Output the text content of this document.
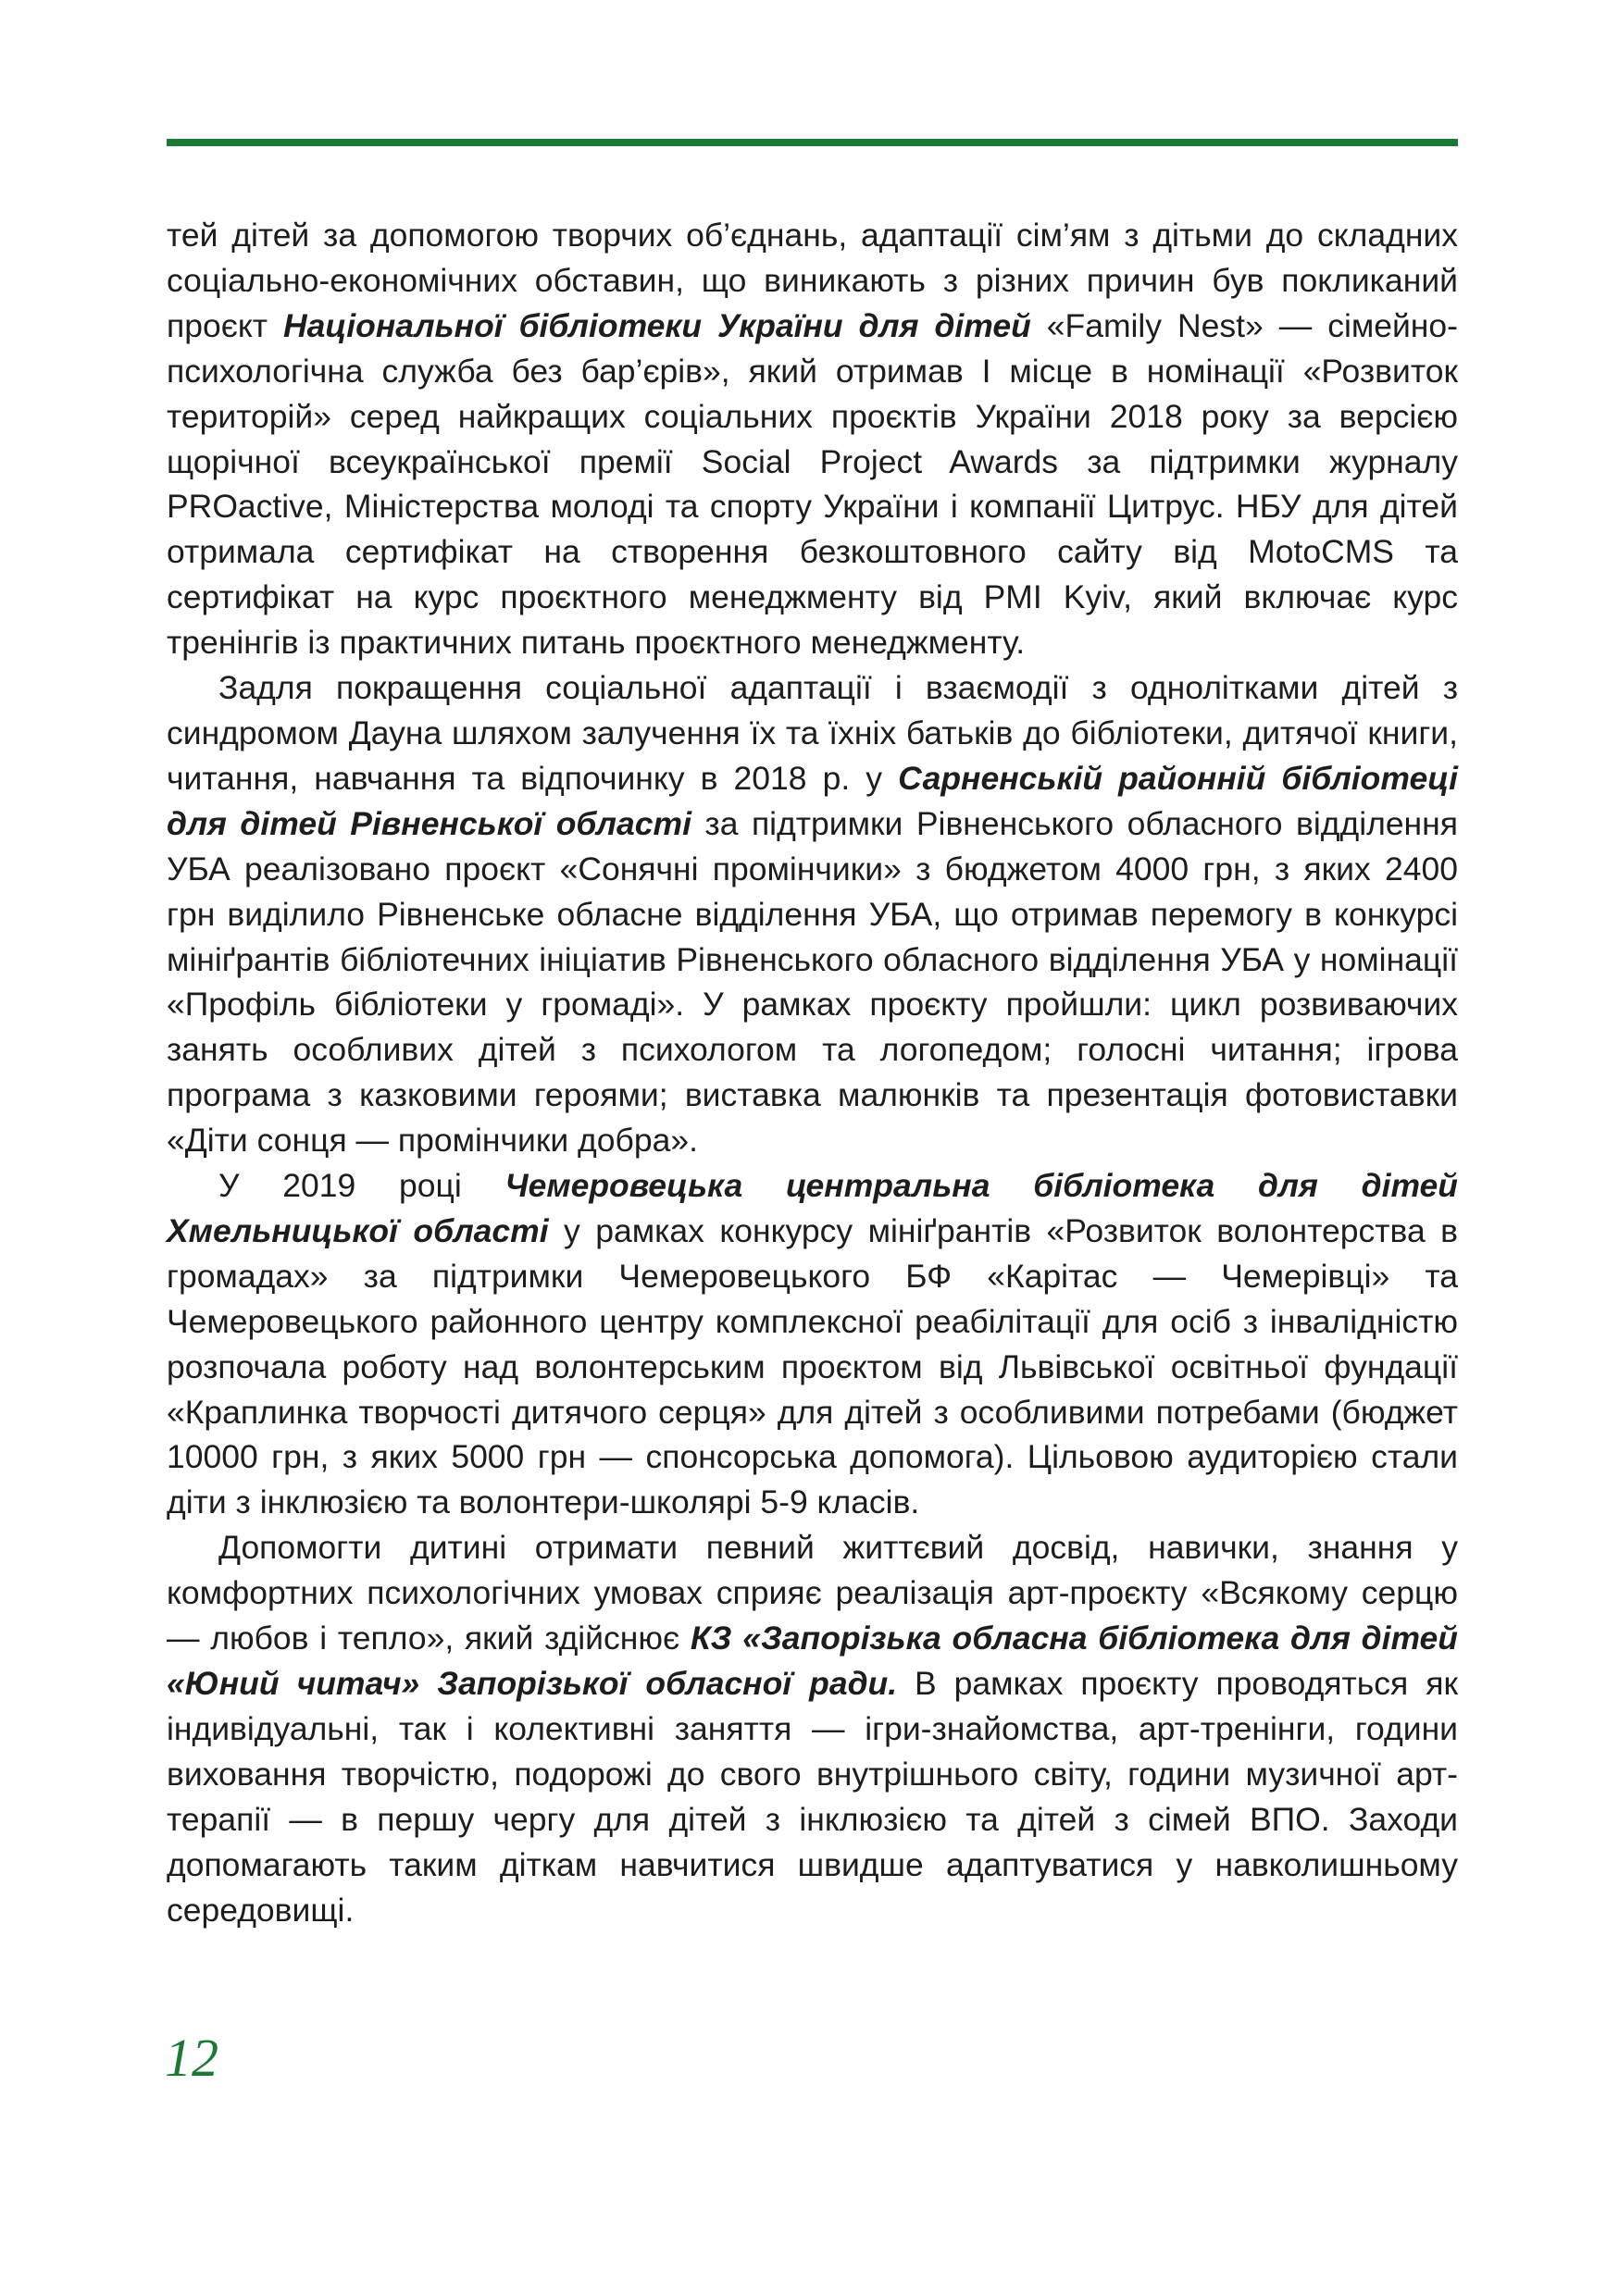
тей дітей за допомогою творчих об’єднань, адаптації сім’ям з дітьми до складних соціально-економічних обставин, що виникають з різних причин був покликаний проєкт Національної бібліотеки України для дітей «Family Nest» — сімейно-психологічна служба без бар’єрів», який отримав І місце в номінації «Розвиток територій» серед найкращих соціальних проєктів України 2018 року за версією щорічної всеукраїнської премії Social Project Awards за підтримки журналу PROactive, Міністерства молоді та спорту України і компанії Цитрус. НБУ для дітей отримала сертифікат на створення безкоштовного сайту від MotoCMS та сертифікат на курс проєктного менеджменту від PMI Kyiv, який включає курс тренінгів із практичних питань проєктного менеджменту.

Задля покращення соціальної адаптації і взаємодії з однолітками дітей з синдромом Дауна шляхом залучення їх та їхніх батьків до бібліотеки, дитячої книги, читання, навчання та відпочинку в 2018 р. у Сарненській районній бібліотеці для дітей Рівненської області за підтримки Рівненського обласного відділення УБА реалізовано проєкт «Сонячні промінчики» з бюджетом 4000 грн, з яких 2400 грн виділило Рівненське обласне відділення УБА, що отримав перемогу в конкурсі мініґрантів бібліотечних ініціатив Рівненського обласного відділення УБА у номінації «Профіль бібліотеки у громаді». У рамках проєкту пройшли: цикл розвиваючих занять особливих дітей з психологом та логопедом; голосні читання; ігрова програма з казковими героями; виставка малюнків та презентація фотовиставки «Діти сонця — промінчики добра».

У 2019 році Чемеровецька центральна бібліотека для дітей Хмельницької області у рамках конкурсу мініґрантів «Розвиток волонтерства в громадах» за підтримки Чемеровецького БФ «Карітас — Чемерівці» та Чемеровецького районного центру комплексної реабілітації для осіб з інвалідністю розпочала роботу над волонтерським проєктом від Львівської освітньої фундації «Краплинка творчості дитячого серця» для дітей з особливими потребами (бюджет 10000 грн, з яких 5000 грн — спонсорська допомога). Цільовою аудиторією стали діти з інклюзією та волонтери-школярі 5-9 класів.

Допомогти дитині отримати певний життєвий досвід, навички, знання у комфортних психологічних умовах сприяє реалізація арт-проєкту «Всякому серцю — любов і тепло», який здійснює КЗ «Запорізька обласна бібліотека для дітей «Юний читач» Запорізької обласної ради. В рамках проєкту проводяться як індивідуальні, так і колективні заняття — ігри-знайомства, арт-тренінги, години виховання творчістю, подорожі до свого внутрішнього світу, години музичної арт-терапії — в першу чергу для дітей з інклюзією та дітей з сімей ВПО. Заходи допомагають таким діткам навчитися швидше адаптуватися у навколишньому середовищі.

12
